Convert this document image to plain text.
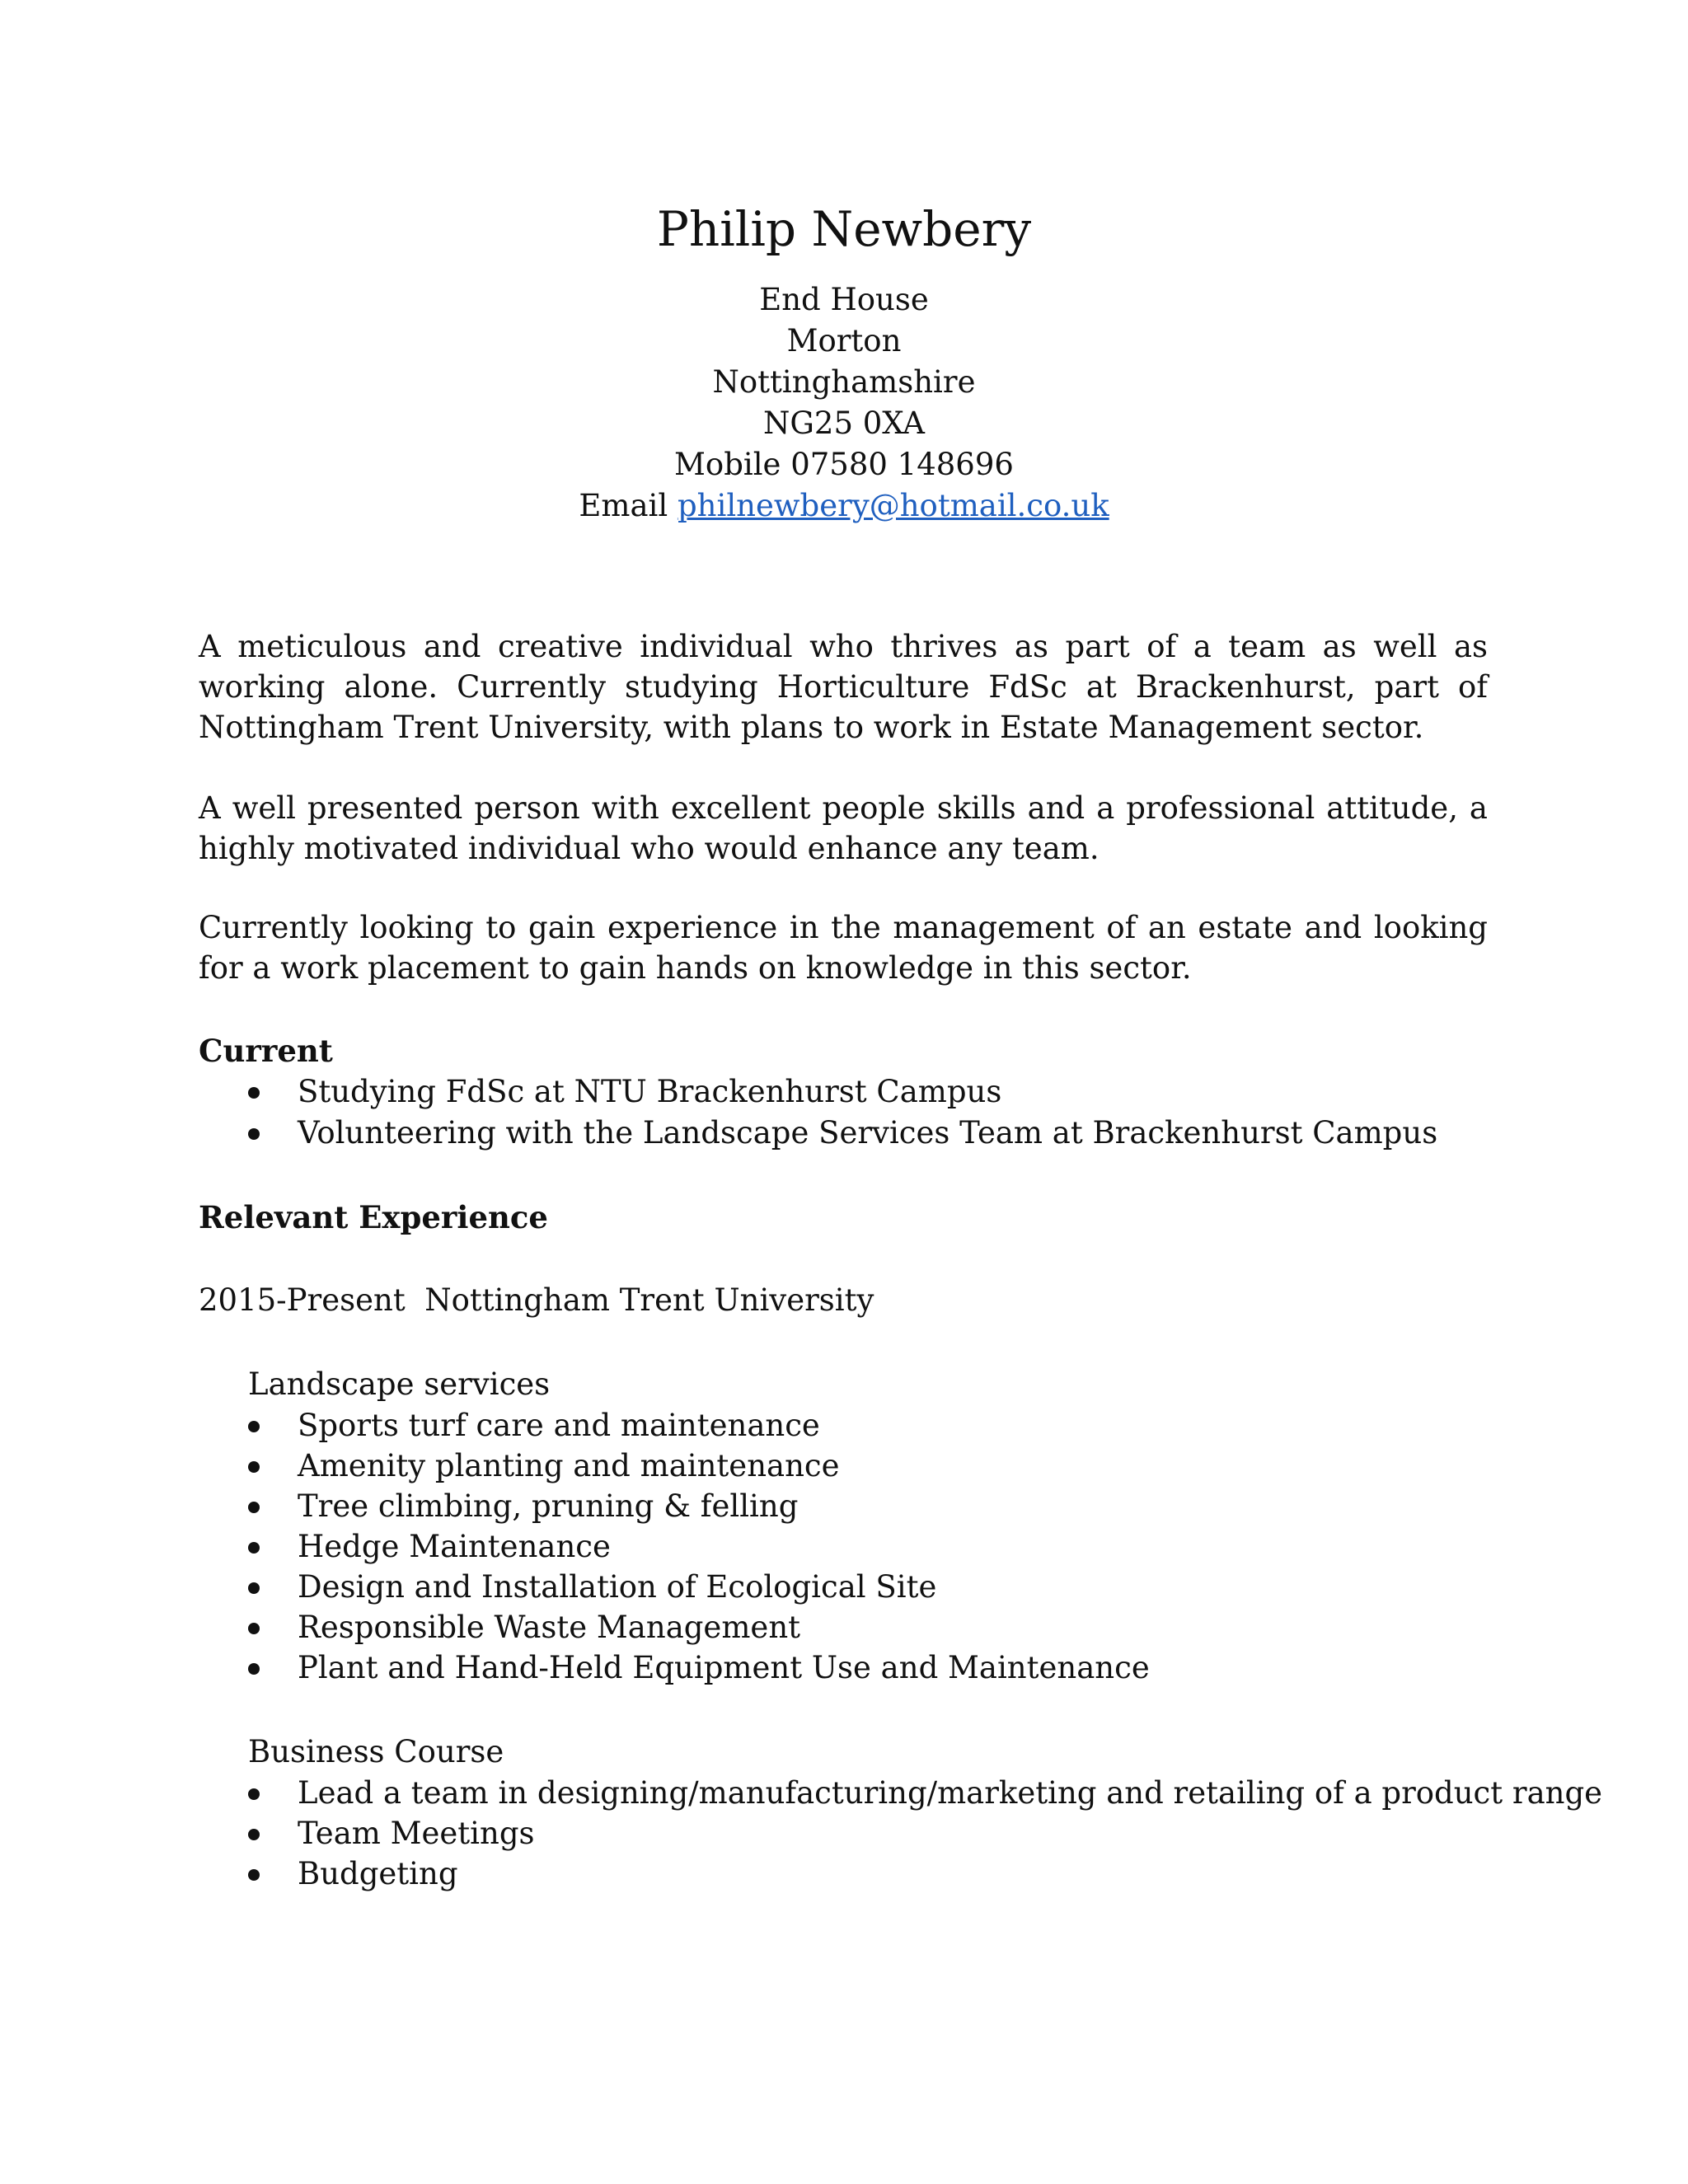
Philip Newbery
End House
Morton
Nottinghamshire
NG25 0XA
Mobile 07580 148696
Email philnewbery@hotmail.co.uk
A meticulous and creative individual who thrives as part of a team as well as working alone. Currently studying Horticulture FdSc at Brackenhurst, part of Nottingham Trent University, with plans to work in Estate Management sector.
A well presented person with excellent people skills and a professional attitude, a highly motivated individual who would enhance any team.
Currently looking to gain experience in the management of an estate and looking for a work placement to gain hands on knowledge in this sector.
Current
Studying FdSc at NTU Brackenhurst Campus
Volunteering with the Landscape Services Team at Brackenhurst Campus
Relevant Experience
2015-Present  Nottingham Trent University
Landscape services
Sports turf care and maintenance
Amenity planting and maintenance
Tree climbing, pruning & felling
Hedge Maintenance
Design and Installation of Ecological Site
Responsible Waste Management
Plant and Hand-Held Equipment Use and Maintenance
Business Course
Lead a team in designing/manufacturing/marketing and retailing of a product range
Team Meetings
Budgeting
